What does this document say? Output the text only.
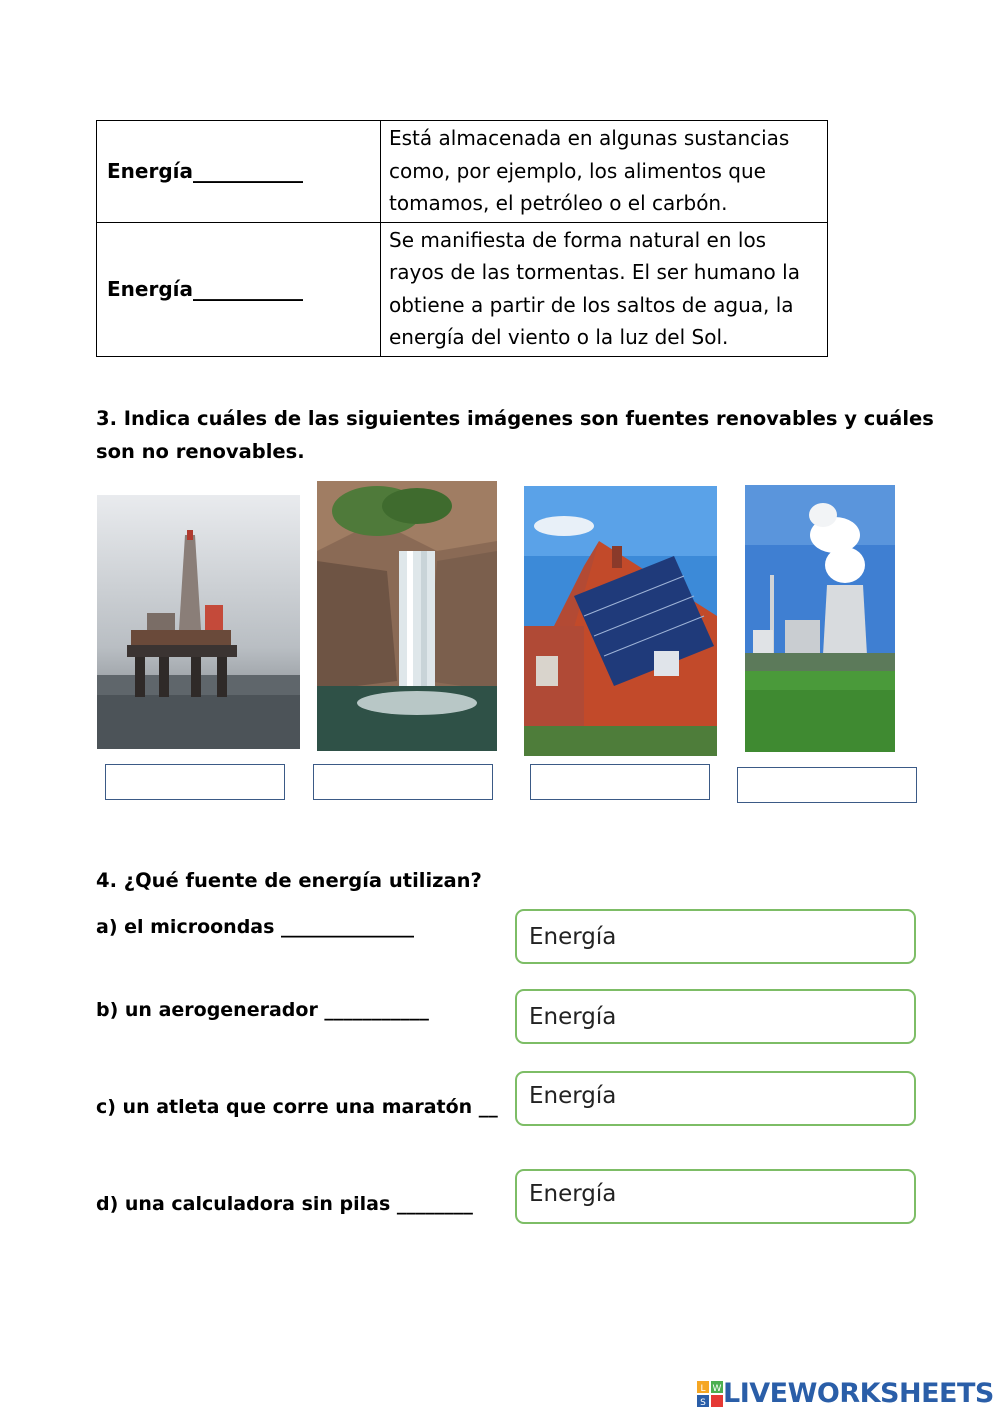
Energía___________	Está almacenada en algunas sustancias
como, por ejemplo, los alimentos que
tomamos, el petróleo o el carbón.

Energía___________	Se manifiesta de forma natural en los
rayos de las tormentas. El ser humano la
obtiene a partir de los saltos de agua, la
energía del viento o la luz del Sol.
3. Indica cuáles de las siguientes imágenes son fuentes renovables y cuáles
son no renovables.
4. ¿Qué fuente de energía utilizan?
a) el microondas ______________
b) un aerogenerador ___________
c) un atleta que corre una maratón __
d) una calculadora sin pilas ________
Energía
Energía
Energía
Energía
L W
S LIVEWORKSHEETS
